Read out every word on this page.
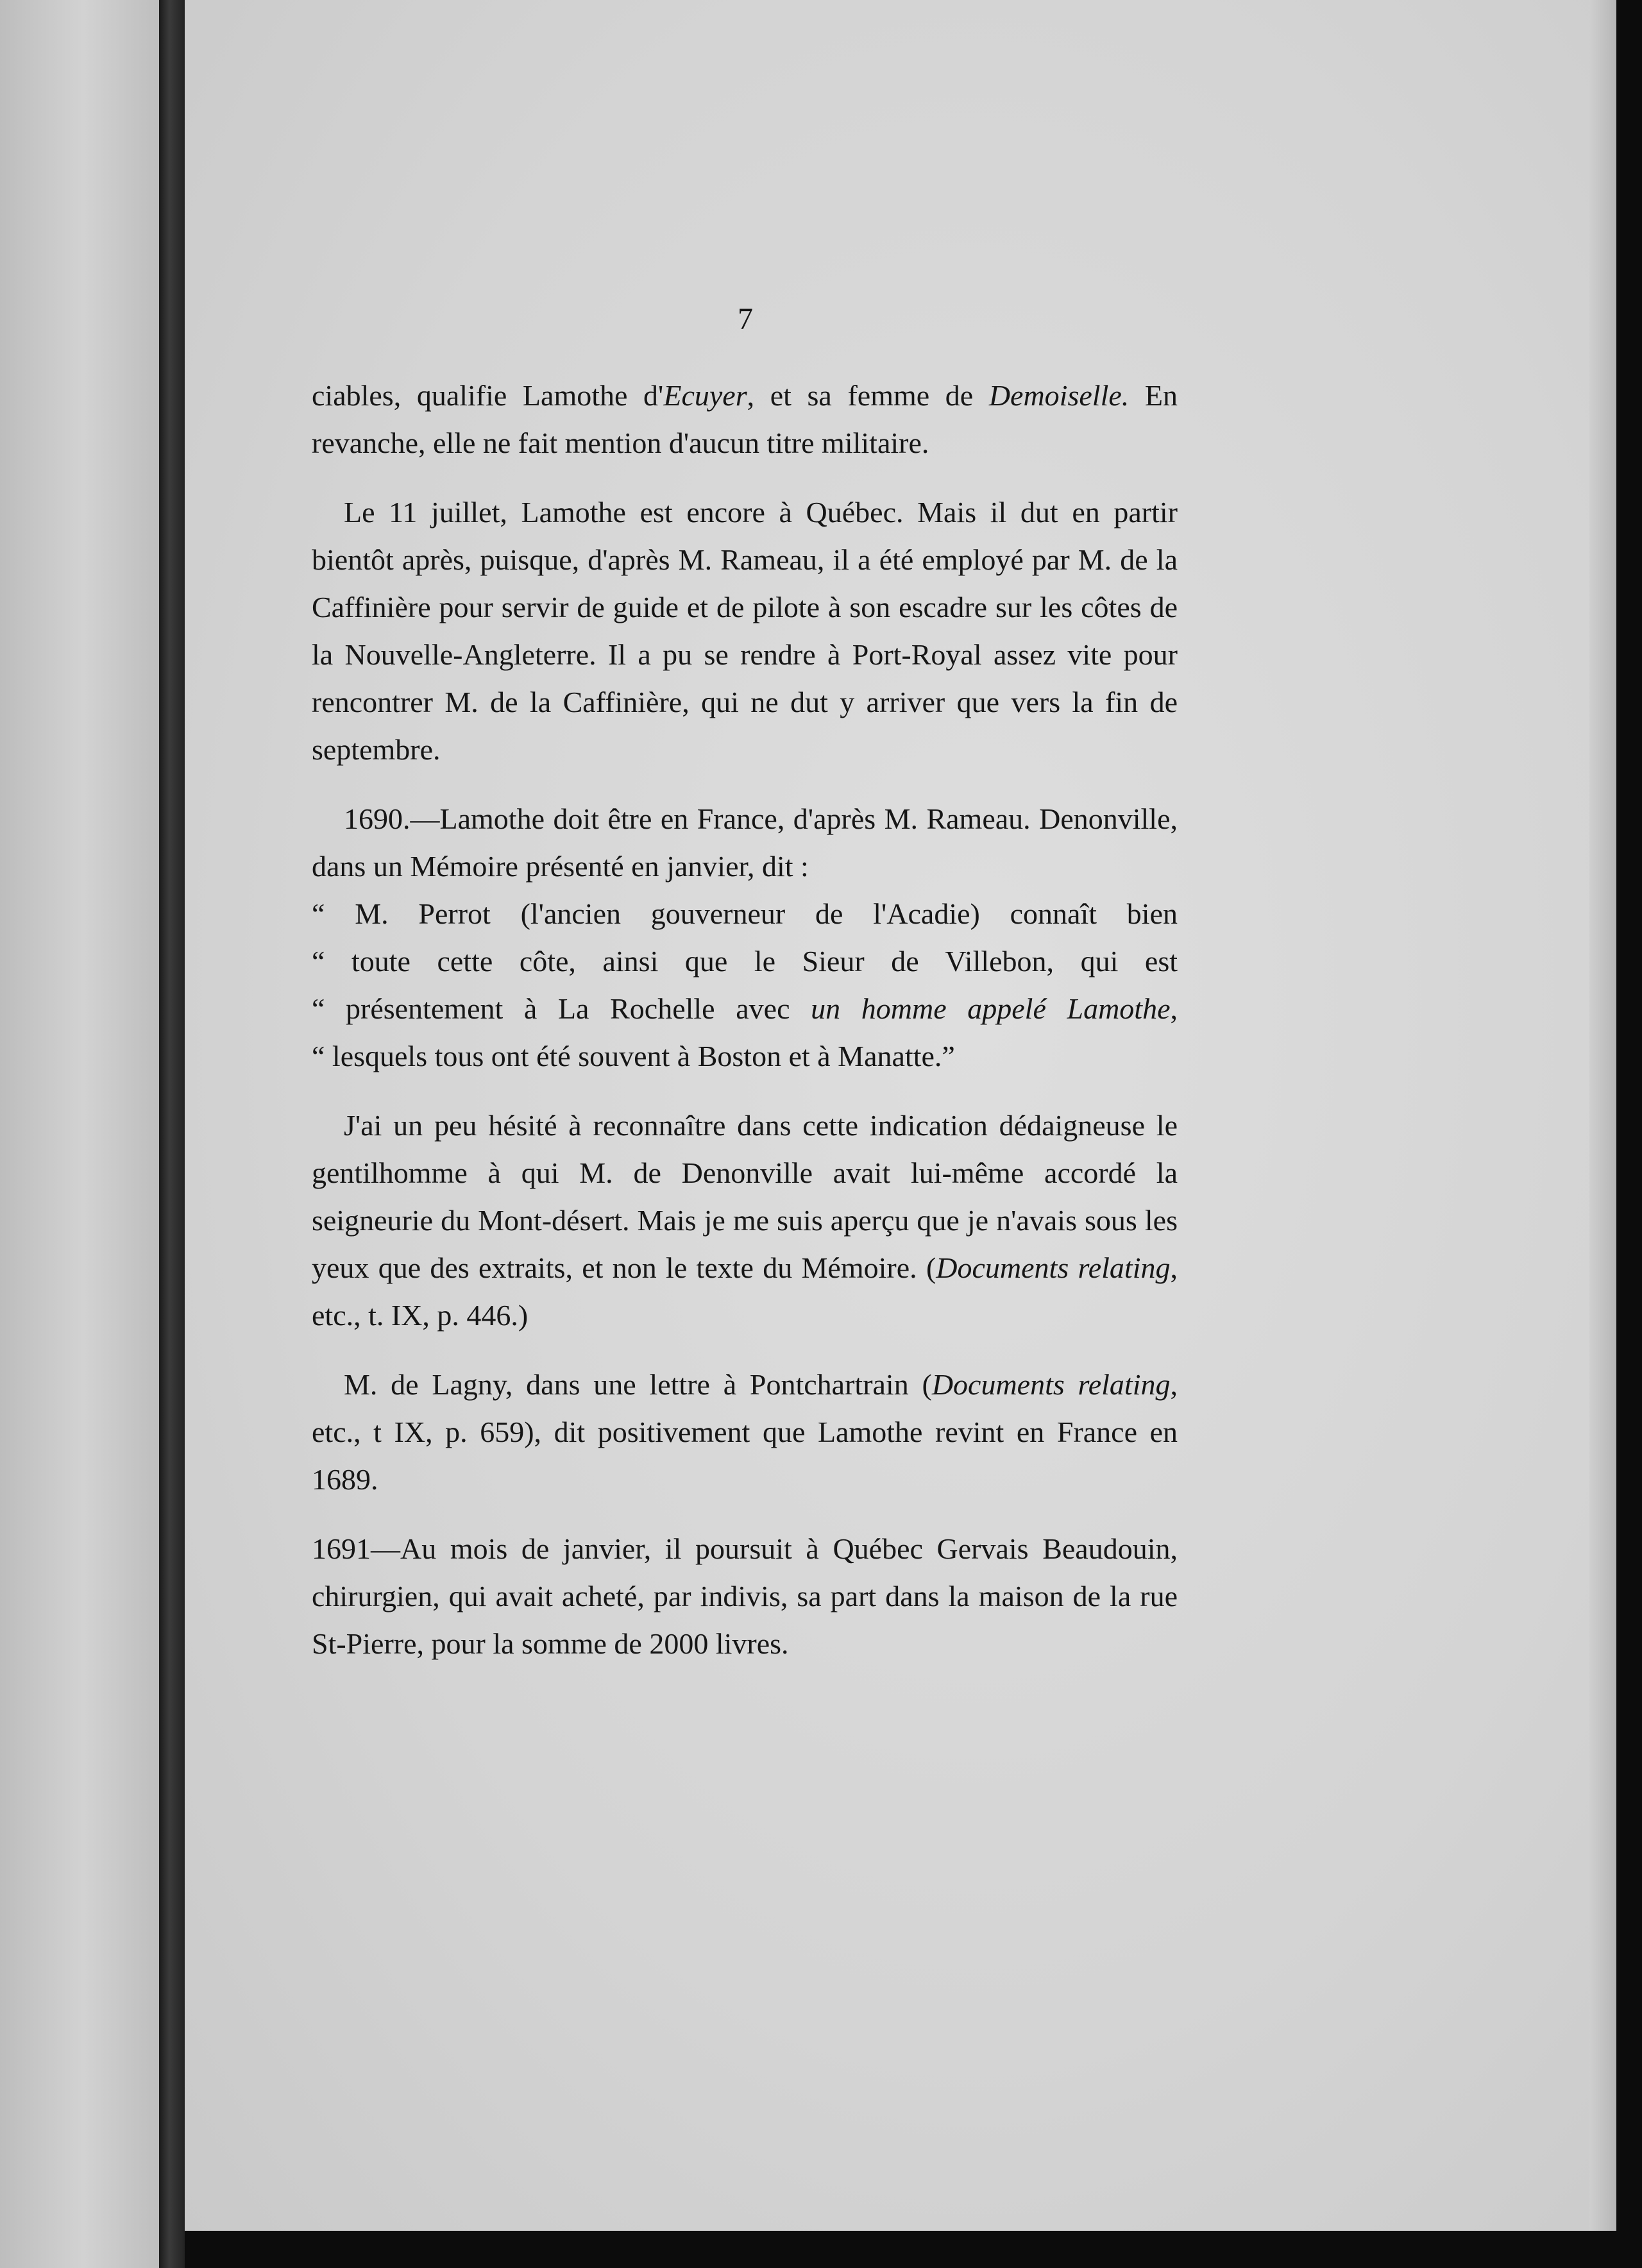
7

ciables, qualifie Lamothe d'Ecuyer, et sa femme de Demoiselle. En revanche, elle ne fait mention d'aucun titre militaire.

Le 11 juillet, Lamothe est encore à Québec. Mais il dut en partir bientôt après, puisque, d'après M. Rameau, il a été employé par M. de la Caffinière pour servir de guide et de pilote à son escadre sur les côtes de la Nouvelle-Angleterre. Il a pu se rendre à Port-Royal assez vite pour rencontrer M. de la Caffinière, qui ne dut y arriver que vers la fin de septembre.

1690.—Lamothe doit être en France, d'après M. Rameau. Denonville, dans un Mémoire présenté en janvier, dit :
“ M. Perrot (l'ancien gouverneur de l'Acadie) connaît bien
“ toute cette côte, ainsi que le Sieur de Villebon, qui est
“ présentement à La Rochelle avec un homme appelé Lamothe,
“ lesquels tous ont été souvent à Boston et à Manatte.”

J'ai un peu hésité à reconnaître dans cette indication dédaigneuse le gentilhomme à qui M. de Denonville avait lui-même accordé la seigneurie du Mont-désert. Mais je me suis aperçu que je n'avais sous les yeux que des extraits, et non le texte du Mémoire. (Documents relating, etc., t. IX, p. 446.)

M. de Lagny, dans une lettre à Pontchartrain (Documents relating, etc., t IX, p. 659), dit positivement que Lamothe revint en France en 1689.

1691—Au mois de janvier, il poursuit à Québec Gervais Beaudouin, chirurgien, qui avait acheté, par indivis, sa part dans la maison de la rue St-Pierre, pour la somme de 2000 livres.
